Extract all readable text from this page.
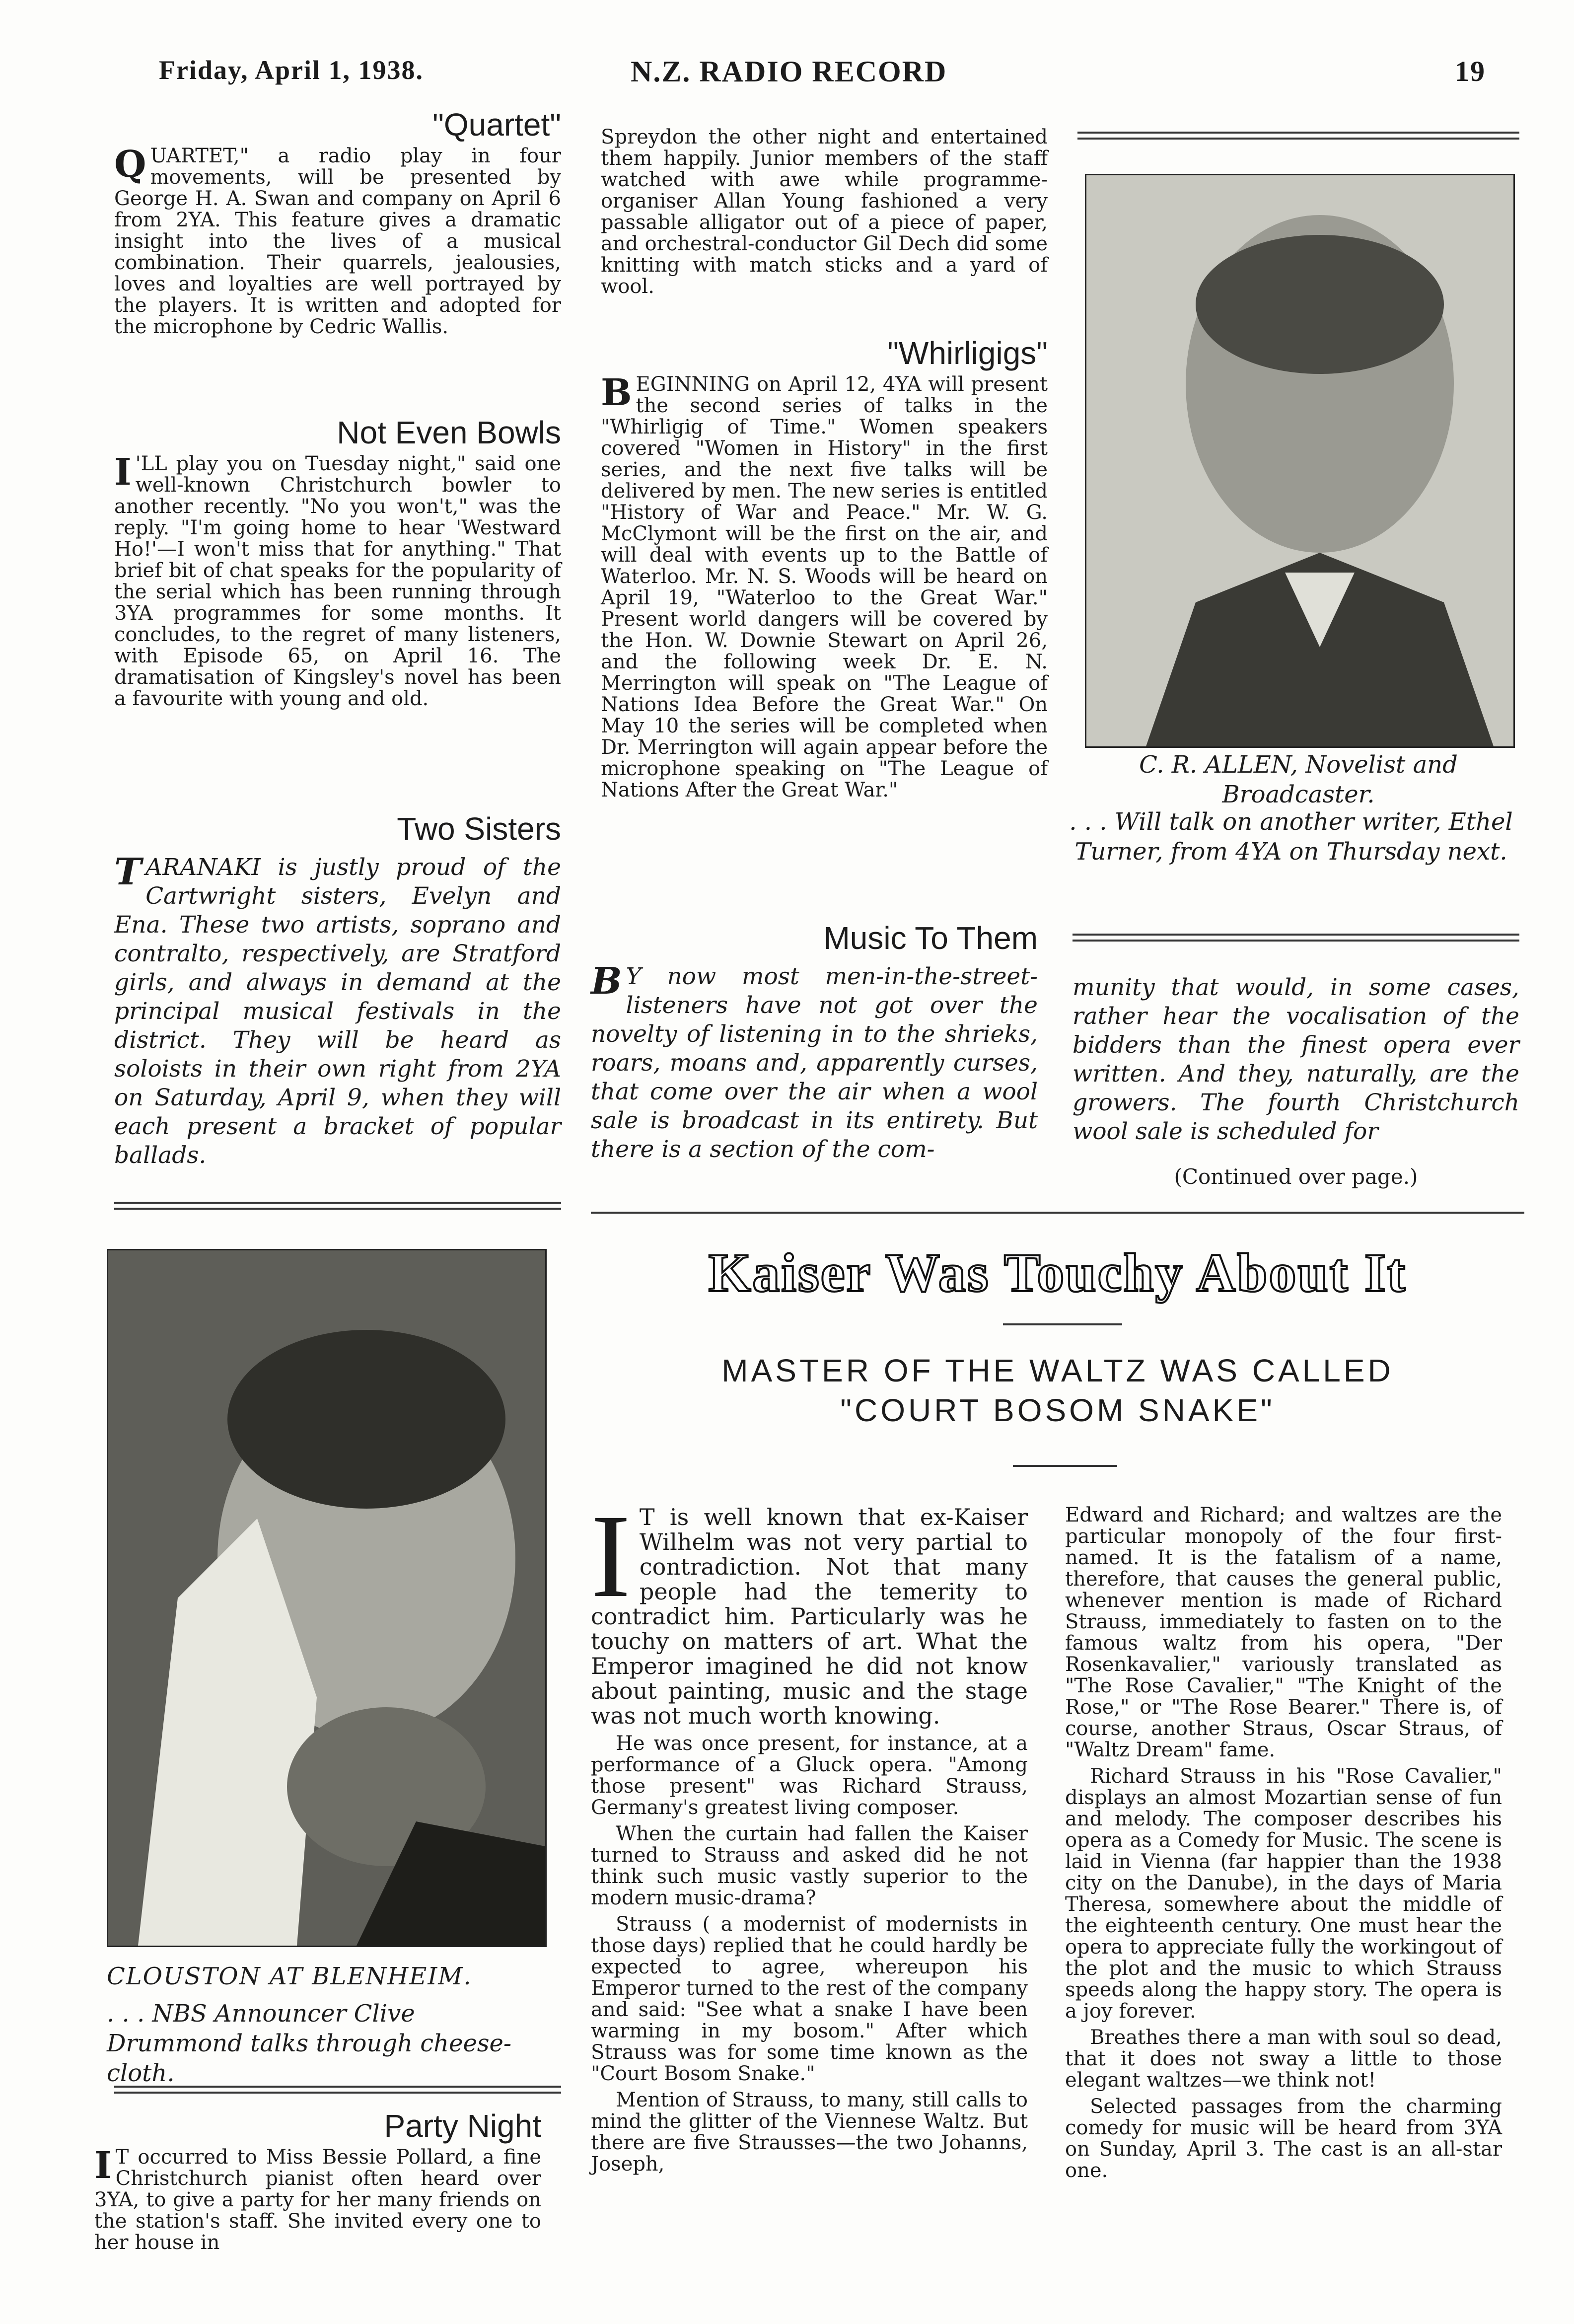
Friday, April 1, 1938.	N.Z. RADIO RECORD	19
"Quartet"

QUARTET," a radio play in four movements, will be presented by George H. A. Swan and company on April 6 from 2YA. This feature gives a dramatic insight into the lives of a musical combination. Their quarrels, jealousies, loves and loyalties are well portrayed by the players. It is written and adopted for the microphone by Cedric Wallis.

Not Even Bowls

I 'LL play you on Tuesday night," said one well-known Christchurch bowler to another recently. "No you won't," was the reply. "I'm going home to hear 'Westward Ho!'—I won't miss that for anything." That brief bit of chat speaks for the popularity of the serial which has been running through 3YA programmes for some months. It concludes, to the regret of many listeners, with Episode 65, on April 16. The dramatisation of Kingsley's novel has been a favourite with young and old.

Two Sisters

TARANAKI is justly proud of the Cartwright sisters, Evelyn and Ena. These two artists, soprano and contralto, respectively, are Stratford girls, and always in demand at the principal musical festivals in the district. They will be heard as soloists in their own right from 2YA on Saturday, April 9, when they will each present a bracket of popular ballads.

Spreydon the other night and entertained them happily. Junior members of the staff watched with awe while programme-organiser Allan Young fashioned a very passable alligator out of a piece of paper, and orchestral-conductor Gil Dech did some knitting with match sticks and a yard of wool.

"Whirligigs"

BEGINNING on April 12, 4YA will present the second series of talks in the "Whirligig of Time." Women speakers covered "Women in History" in the first series, and the next five talks will be delivered by men. The new series is entitled "History of War and Peace." Mr. W. G. McClymont will be the first on the air, and will deal with events up to the Battle of Waterloo. Mr. N. S. Woods will be heard on April 19, "Waterloo to the Great War." Present world dangers will be covered by the Hon. W. Downie Stewart on April 26, and the following week Dr. E. N. Merrington will speak on "The League of Nations Idea Before the Great War." On May 10 the series will be completed when Dr. Merrington will again appear before the microphone speaking on "The League of Nations After the Great War."

Music To Them

B Y now most men-in-the-street-listeners have not got over the novelty of listening in to the shrieks, roars, moans and, apparently curses, that come over the air when a wool sale is broadcast in its entirety. But there is a section of the com-

C. R. ALLEN, Novelist and Broadcaster.
. . . Will talk on another writer, Ethel Turner, from 4YA on Thursday next.

munity that would, in some cases, rather hear the vocalisation of the bidders than the finest opera ever written. And they, naturally, are the growers. The fourth Christchurch wool sale is scheduled for

(Continued over page.)
CLOUSTON AT BLENHEIM.
. . . NBS Announcer Clive Drummond talks through cheese-cloth.
Party Night

I T occurred to Miss Bessie Pollard, a fine Christchurch pianist often heard over 3YA, to give a party for her many friends on the station's staff. She invited every one to her house in

Kaiser Was Touchy About It
MASTER OF THE WALTZ WAS CALLED
"COURT BOSOM SNAKE"

I T is well known that ex-Kaiser Wilhelm was not very partial to contradiction. Not that many people had the temerity to contradict him. Particularly was he touchy on matters of art. What the Emperor imagined he did not know about painting, music and the stage was not much worth knowing.

He was once present, for instance, at a performance of a Gluck opera. "Among those present" was Richard Strauss, Germany's greatest living composer.

When the curtain had fallen the Kaiser turned to Strauss and asked did he not think such music vastly superior to the modern music-drama?

Strauss ( a modernist of modernists in those days) replied that he could hardly be expected to agree, whereupon his Emperor turned to the rest of the company and said: "See what a snake I have been warming in my bosom." After which Strauss was for some time known as the "Court Bosom Snake."

Mention of Strauss, to many, still calls to mind the glitter of the Viennese Waltz. But there are five Strausses—the two Johanns, Joseph,

Edward and Richard; and waltzes are the particular monopoly of the four first-named. It is the fatalism of a name, therefore, that causes the general public, whenever mention is made of Richard Strauss, immediately to fasten on to the famous waltz from his opera, "Der Rosenkavalier," variously translated as "The Rose Cavalier," "The Knight of the Rose," or "The Rose Bearer." There is, of course, another Straus, Oscar Straus, of "Waltz Dream" fame.

Richard Strauss in his "Rose Cavalier," displays an almost Mozartian sense of fun and melody. The composer describes his opera as a Comedy for Music. The scene is laid in Vienna (far happier than the 1938 city on the Danube), in the days of Maria Theresa, somewhere about the middle of the eighteenth century. One must hear the opera to appreciate fully the workingout of the plot and the music to which Strauss speeds along the happy story. The opera is a joy forever.

Breathes there a man with soul so dead, that it does not sway a little to those elegant waltzes—we think not!

Selected passages from the charming comedy for music will be heard from 3YA on Sunday, April 3. The cast is an all-star one.
